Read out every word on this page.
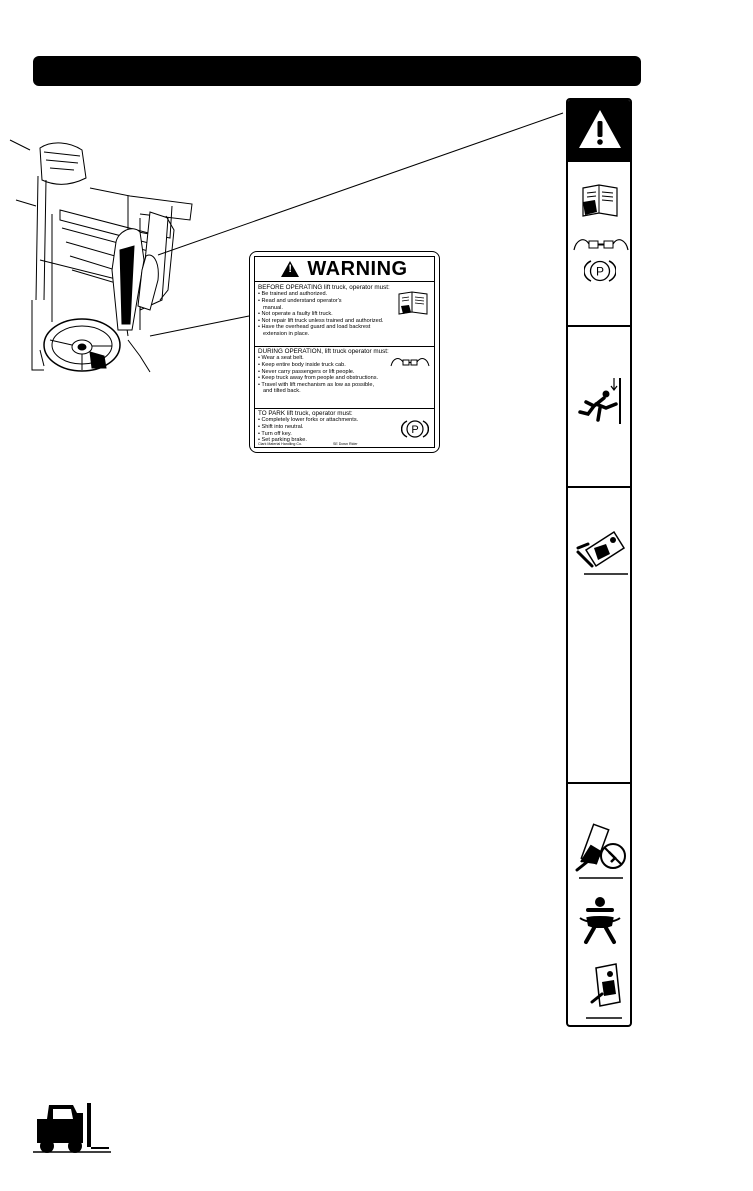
!
WARNING
BEFORE OPERATING lift truck, operator must:
• Be trained and authorized.
• Read and understand operator's
manual.
• Not operate a faulty lift truck.
• Not repair lift truck unless trained and authorized.
• Have the overhead guard and load backrest
extension in place.
DURING OPERATION, lift truck operator must:
• Wear a seat belt.
• Keep entire body inside truck cab.
• Never carry passengers or lift people.
• Keep truck away from people and obstructions.
• Travel with lift mechanism as low as possible,
and tilted back.
TO PARK lift truck, operator must:
• Completely lower forks or attachments.
• Shift into neutral.
• Turn off key.
• Set parking brake.
P
Clark Material Handling Co.	SE Down Rider
P
